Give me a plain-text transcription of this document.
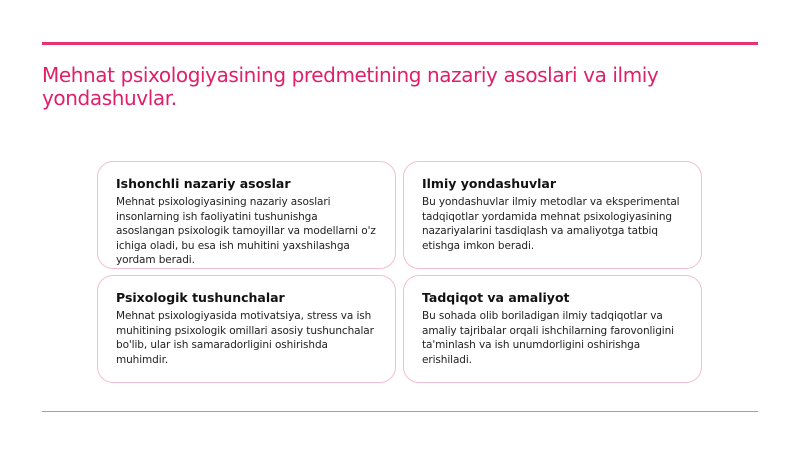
Mehnat psixologiyasining predmetining nazariy asoslari va ilmiy yondashuvlar.
Ishonchli nazariy asoslar

Mehnat psixologiyasining nazariy asoslari insonlarning ish faoliyatini tushunishga asoslangan psixologik tamoyillar va modellarni o'z ichiga oladi, bu esa ish muhitini yaxshilashga yordam beradi.

Ilmiy yondashuvlar

Bu yondashuvlar ilmiy metodlar va eksperimental tadqiqotlar yordamida mehnat psixologiyasining nazariyalarini tasdiqlash va amaliyotga tatbiq etishga imkon beradi.

Psixologik tushunchalar

Mehnat psixologiyasida motivatsiya, stress va ish muhitining psixologik omillari asosiy tushunchalar bo'lib, ular ish samaradorligini oshirishda muhimdir.

Tadqiqot va amaliyot

Bu sohada olib boriladigan ilmiy tadqiqotlar va amaliy tajribalar orqali ishchilarning farovonligini ta'minlash va ish unumdorligini oshirishga erishiladi.
